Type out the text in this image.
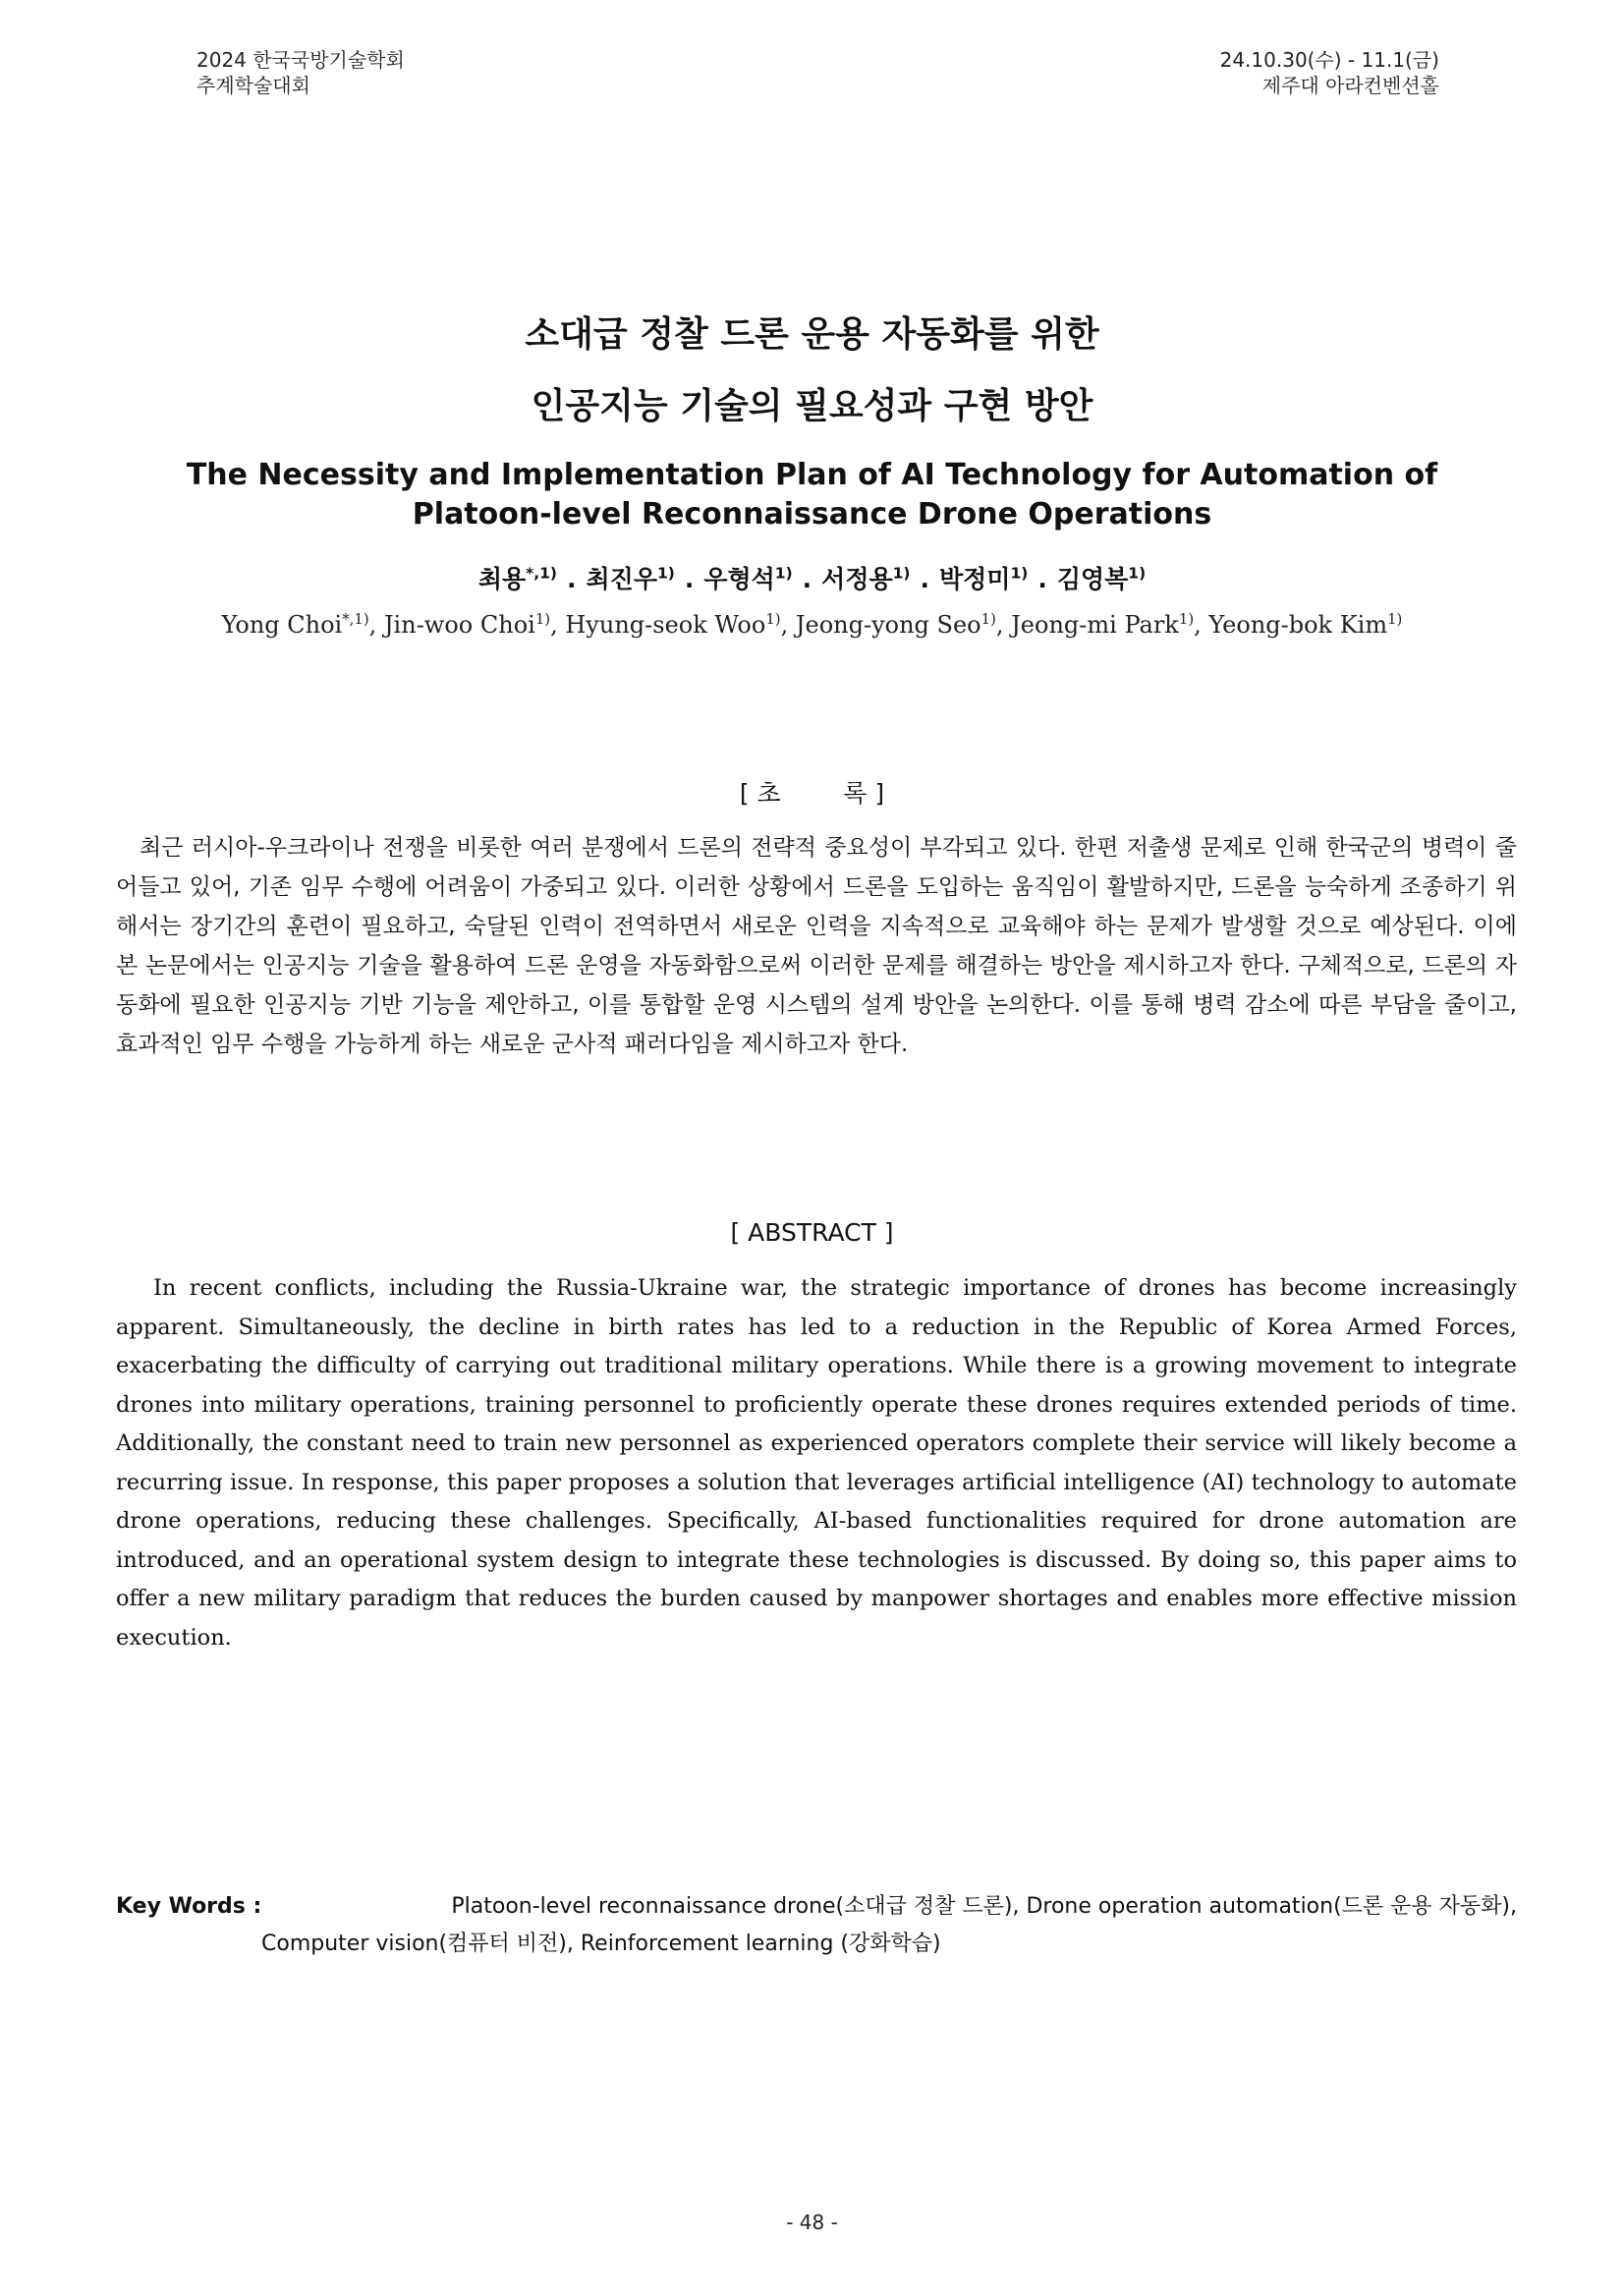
2024 한국국방기술학회
추계학술대회
24.10.30(수) - 11.1(금)
제주대 아라컨벤션홀
소대급 정찰 드론 운용 자동화를 위한
인공지능 기술의 필요성과 구현 방안
The Necessity and Implementation Plan of AI Technology for Automation of
Platoon-level Reconnaissance Drone Operations
최용$^{*,1)}$ . 최진우$^{1)}$ . 우형석$^{1)}$ . 서정용$^{1)}$ . 박정미$^{1)}$ . 김영복$^{1)}$
Yong Choi$^{*,1)}$, Jin-woo Choi$^{1)}$, Hyung-seok Woo$^{1)}$, Jeong-yong Seo$^{1)}$, Jeong-mi Park$^{1)}$, Yeong-bok Kim$^{1)}$
[ 초        록 ]
최근 러시아-우크라이나 전쟁을 비롯한 여러 분쟁에서 드론의 전략적 중요성이 부각되고 있다. 한편 저출생 문제로 인해 한국군의 병력이 줄어들고 있어, 기존 임무 수행에 어려움이 가중되고 있다. 이러한 상황에서 드론을 도입하는 움직임이 활발하지만, 드론을 능숙하게 조종하기 위해서는 장기간의 훈련이 필요하고, 숙달된 인력이 전역하면서 새로운 인력을 지속적으로 교육해야 하는 문제가 발생할 것으로 예상된다. 이에 본 논문에서는 인공지능 기술을 활용하여 드론 운영을 자동화함으로써 이러한 문제를 해결하는 방안을 제시하고자 한다. 구체적으로, 드론의 자동화에 필요한 인공지능 기반 기능을 제안하고, 이를 통합할 운영 시스템의 설계 방안을 논의한다. 이를 통해 병력 감소에 따른 부담을 줄이고, 효과적인 임무 수행을 가능하게 하는 새로운 군사적 패러다임을 제시하고자 한다.
[ ABSTRACT ]
In recent conflicts, including the Russia-Ukraine war, the strategic importance of drones has become increasingly apparent. Simultaneously, the decline in birth rates has led to a reduction in the Republic of Korea Armed Forces, exacerbating the difficulty of carrying out traditional military operations. While there is a growing movement to integrate drones into military operations, training personnel to proficiently operate these drones requires extended periods of time. Additionally, the constant need to train new personnel as experienced operators complete their service will likely become a recurring issue. In response, this paper proposes a solution that leverages artificial intelligence (AI) technology to automate drone operations, reducing these challenges. Specifically, AI-based functionalities required for drone automation are introduced, and an operational system design to integrate these technologies is discussed. By doing so, this paper aims to offer a new military paradigm that reduces the burden caused by manpower shortages and enables more effective mission execution.
Key Words :	Platoon-level reconnaissance drone(소대급 정찰 드론), Drone operation automation(드론 운용 자동화),
Computer vision(컴퓨터 비전), Reinforcement learning (강화학습)
- 48 -
